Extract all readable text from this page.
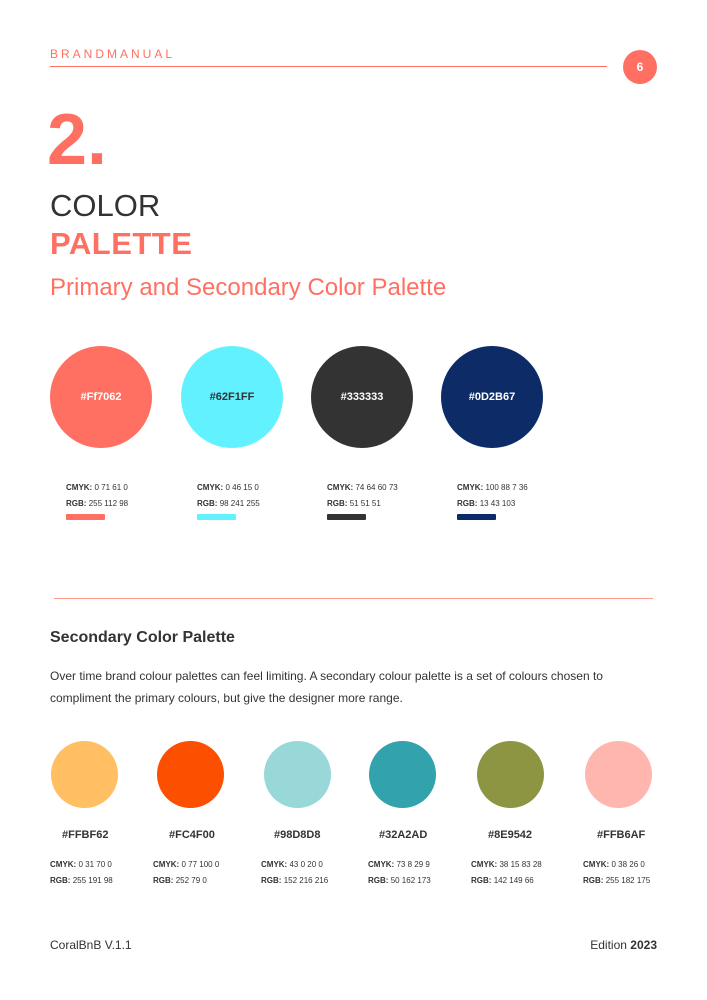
BRANDMANUAL
6
2.
COLOR
PALETTE
Primary and Secondary Color Palette
#Ff7062
CMYK: 0 71 61 0
RGB: 255 112 98
#62F1FF
CMYK: 0 46 15 0
RGB: 98 241 255
#333333
CMYK: 74 64 60 73
RGB: 51 51 51
#0D2B67
CMYK: 100 88 7 36
RGB: 13 43 103
Secondary Color Palette
Over time brand colour palettes can feel limiting. A secondary colour palette is a set of colours chosen to compliment the primary colours, but give the designer more range.
#FFBF62
CMYK: 0 31 70 0
RGB: 255 191 98
#FC4F00
CMYK: 0 77 100 0
RGB: 252 79 0
#98D8D8
CMYK: 43 0 20 0
RGB: 152 216 216
#32A2AD
CMYK: 73 8 29 9
RGB: 50 162 173
#8E9542
CMYK: 38 15 83 28
RGB: 142 149 66
#FFB6AF
CMYK: 0 38 26 0
RGB: 255 182 175
CoralBnB V.1.1	Edition 2023
